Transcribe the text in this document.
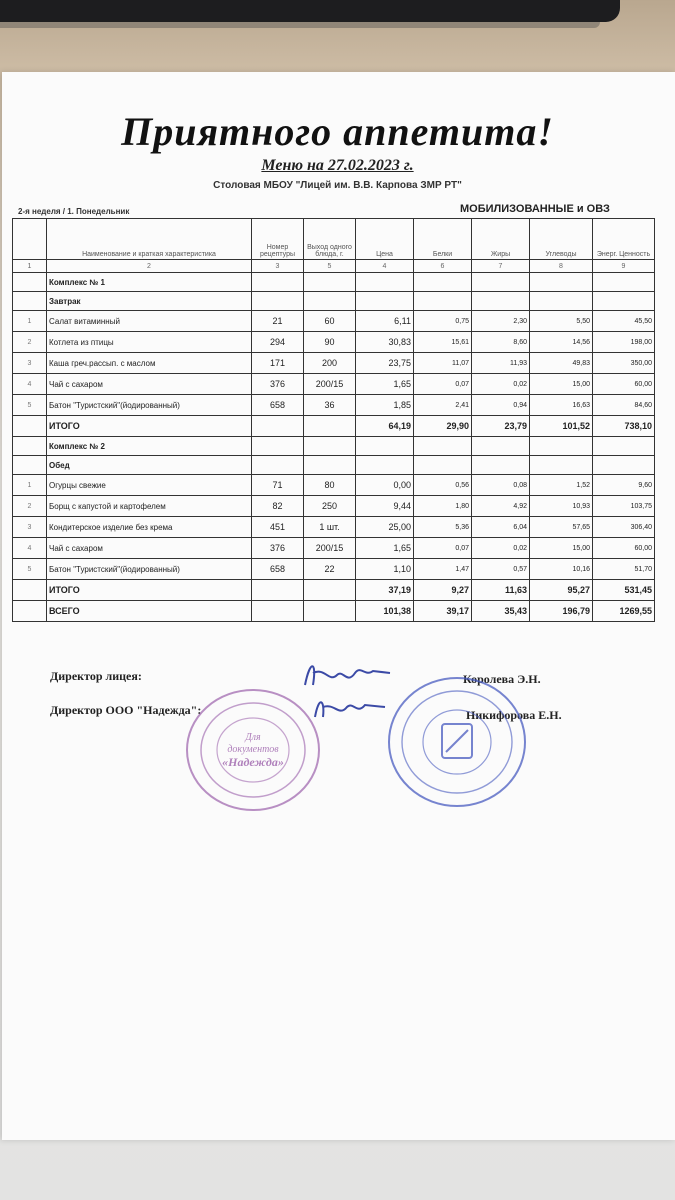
Приятного аппетита!
Меню на 27.02.2023 г.
Столовая МБОУ "Лицей им. В.В. Карпова ЗМР РТ"
2-я неделя / 1. Понедельник	МОБИЛИЗОВАННЫЕ и ОВЗ
	Наименование и краткая характеристика	Номер рецептуры	Выход одного блюда, г.	Цена	Белки	Жиры	Углеводы	Энерг. Ценность
1	2	3	5	4	6	7	8	9
	Комплекс № 1							
	Завтрак							
1	Салат витаминный	21	60	6,11	0,75	2,30	5,50	45,50
2	Котлета из птицы	294	90	30,83	15,61	8,60	14,56	198,00
3	Каша греч.рассып. с маслом	171	200	23,75	11,07	11,93	49,83	350,00
4	Чай с сахаром	376	200/15	1,65	0,07	0,02	15,00	60,00
5	Батон "Туристский"(йодированный)	658	36	1,85	2,41	0,94	16,63	84,60
	ИТОГО			64,19	29,90	23,79	101,52	738,10
	Комплекс № 2							
	Обед							
1	Огурцы свежие	71	80	0,00	0,56	0,08	1,52	9,60
2	Борщ с капустой и картофелем	82	250	9,44	1,80	4,92	10,93	103,75
3	Кондитерское изделие без крема	451	1 шт.	25,00	5,36	6,04	57,65	306,40
4	Чай с сахаром	376	200/15	1,65	0,07	0,02	15,00	60,00
5	Батон "Туристский"(йодированный)	658	22	1,10	1,47	0,57	10,16	51,70
	ИТОГО			37,19	9,27	11,63	95,27	531,45
	ВСЕГО			101,38	39,17	35,43	196,79	1269,55
Директор лицея:	Королева Э.Н.
Директор ООО "Надежда":	Никифорова Е.Н.
Для
документов
«Надежда»
